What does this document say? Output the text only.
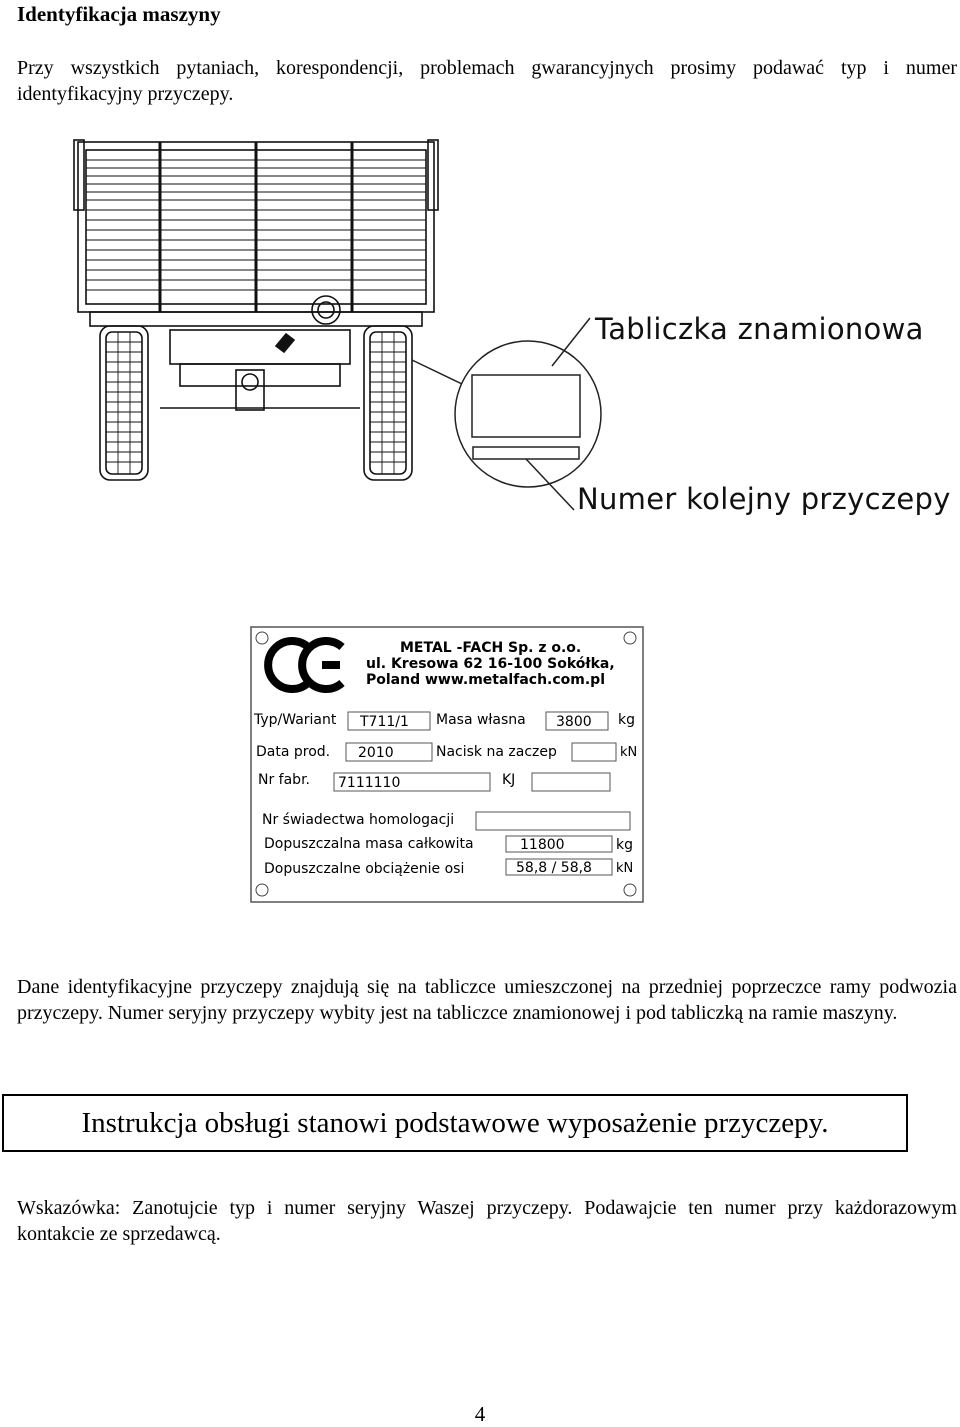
Identyfikacja maszyny
Przy wszystkich pytaniach, korespondencji, problemach gwarancyjnych prosimy podawać typ i numer identyfikacyjny przyczepy.
Tabliczka znamionowa
Numer kolejny przyczepy
METAL -FACH Sp. z o.o.
ul. Kresowa 62 16-100 Sokółka,
Poland www.metalfach.com.pl
Typ/Wariant T711/1 Masa własna 3800 kg
Data prod. 2010	Nacisk na zaczep	kN
Nr fabr. 7111110	KJ
Nr świadectwa homologacji
Dopuszczalna masa całkowita	11800	kg
Dopuszczalne obciążenie osi	58,8 / 58,8 kN
Dane identyfikacyjne przyczepy znajdują się na tabliczce umieszczonej na przedniej poprzeczce ramy podwozia przyczepy. Numer seryjny przyczepy wybity jest na tabliczce znamionowej i pod tabliczką na ramie maszyny.
Instrukcja obsługi stanowi podstawowe wyposażenie przyczepy.
Wskazówka: Zanotujcie typ i numer seryjny Waszej przyczepy. Podawajcie ten numer przy każdorazowym kontakcie ze sprzedawcą.
4
